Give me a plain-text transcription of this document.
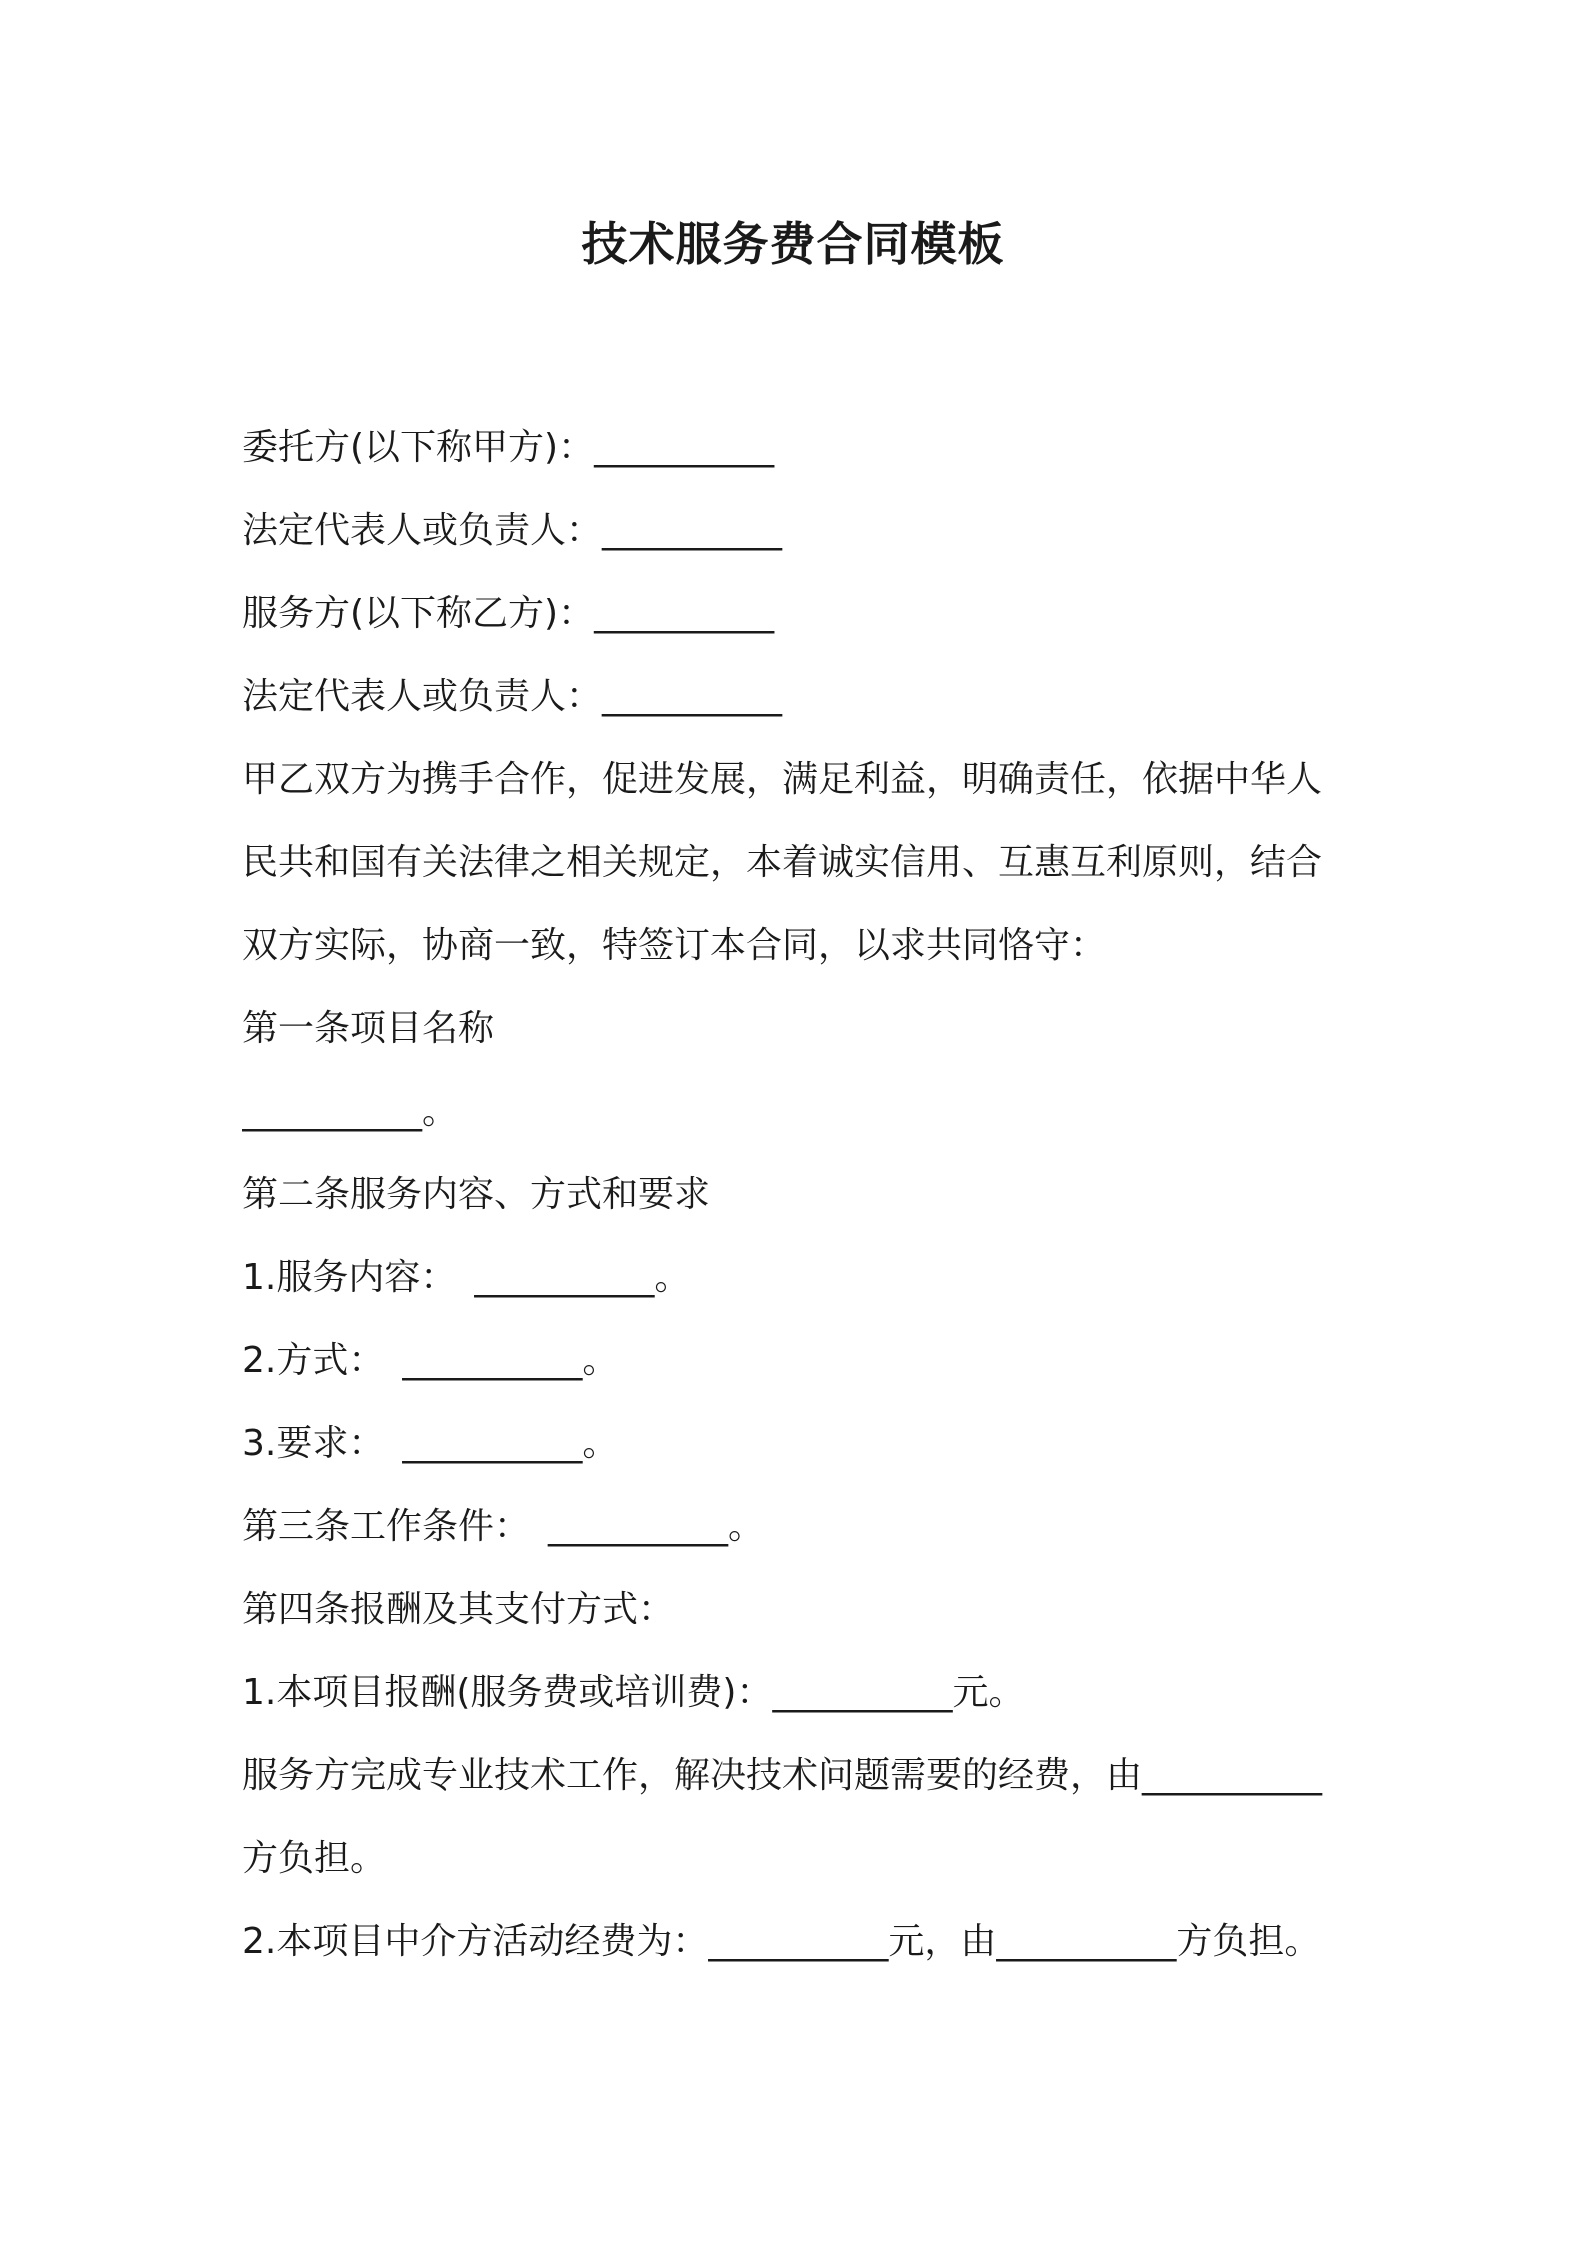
技术服务费合同模板
委托方(以下称甲方)：__________
法定代表人或负责人：__________
服务方(以下称乙方)：__________
法定代表人或负责人：__________
甲乙双方为携手合作，促进发展，满足利益，明确责任，依据中华人
民共和国有关法律之相关规定，本着诚实信用、互惠互利原则，结合
双方实际，协商一致，特签订本合同，以求共同恪守：
第一条项目名称
__________。
第二条服务内容、方式和要求
1.服务内容：　__________。
2.方式：　__________。
3.要求：　__________。
第三条工作条件：　__________。
第四条报酬及其支付方式：
1.本项目报酬(服务费或培训费)：__________元。
服务方完成专业技术工作，解决技术问题需要的经费，由__________
方负担。
2.本项目中介方活动经费为：__________元，由__________方负担。
